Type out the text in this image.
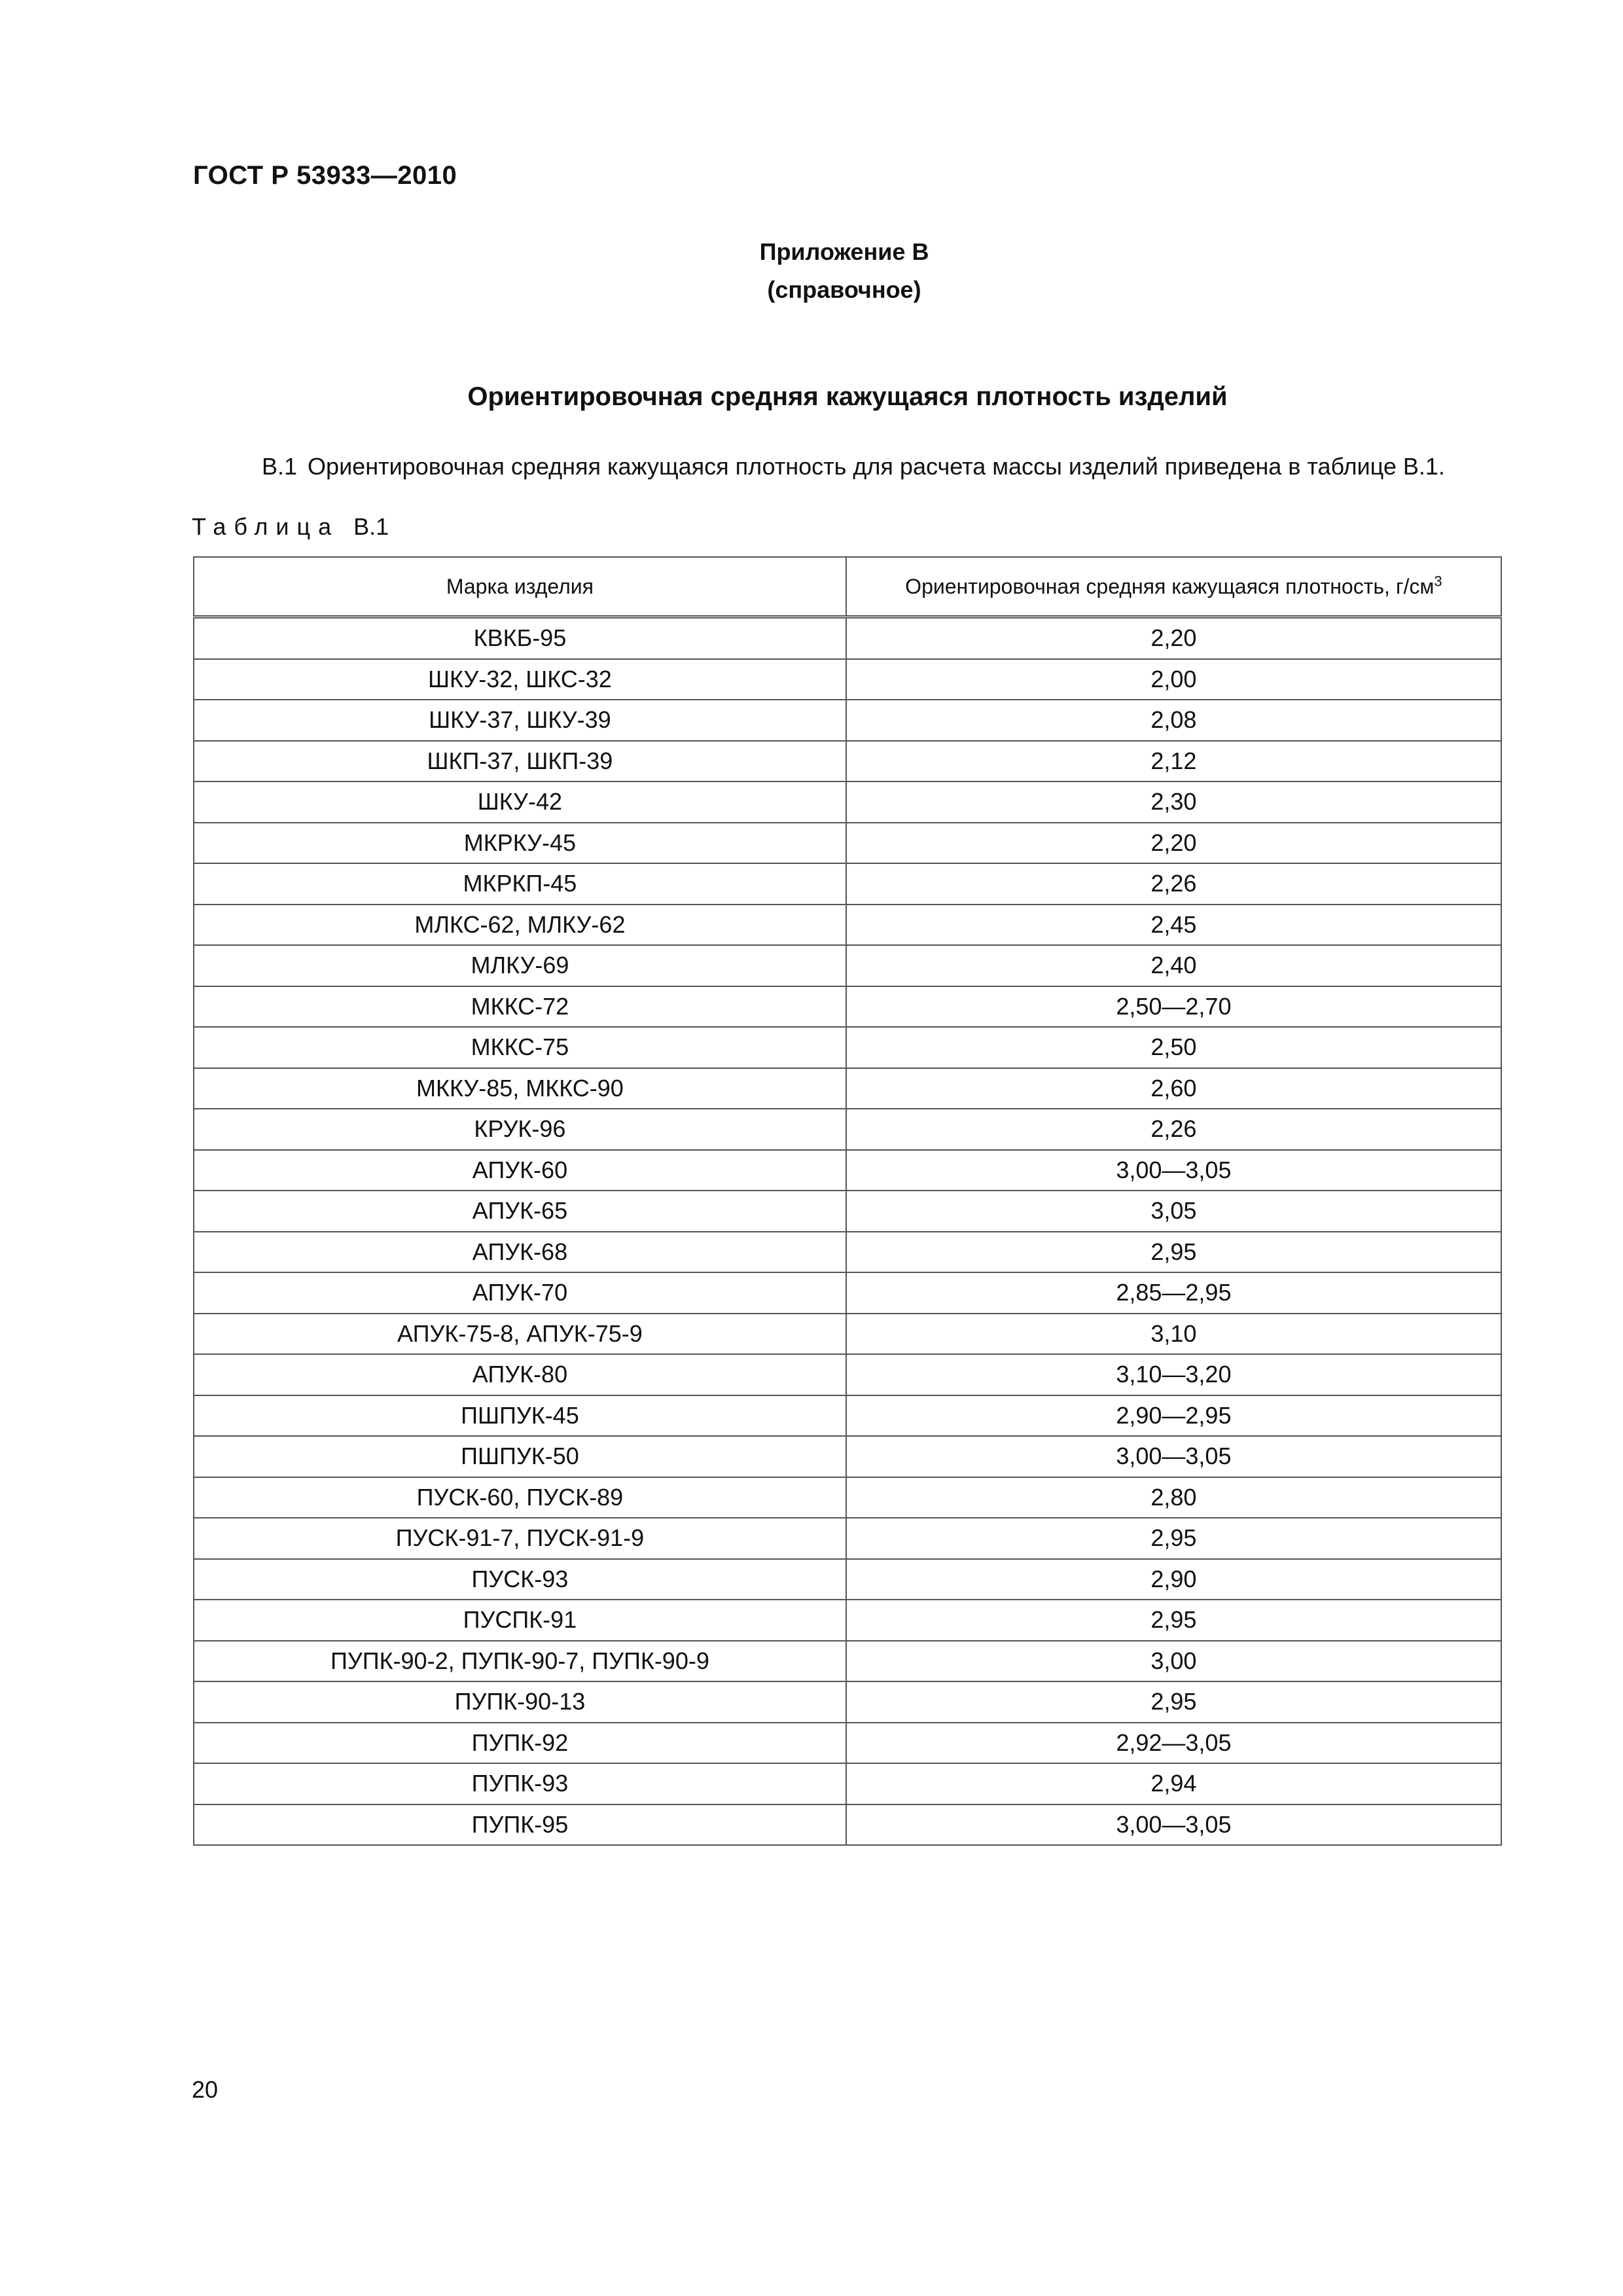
ГОСТ Р 53933—2010
Приложение В
(справочное)
Ориентировочная средняя кажущаяся плотность изделий
В.1 Ориентировочная средняя кажущаяся плотность для расчета массы изделий приведена в таблице В.1.
Таблица В.1
Марка изделия	Ориентировочная средняя кажущаяся плотность, $г/см^3$
КВКБ-95	2,20
ШКУ-32, ШКС-32	2,00
ШКУ-37, ШКУ-39	2,08
ШКП-37, ШКП-39	2,12
ШКУ-42	2,30
МКРКУ-45	2,20
МКРКП-45	2,26
МЛКС-62, МЛКУ-62	2,45
МЛКУ-69	2,40
МККС-72	2,50—2,70
МККС-75	2,50
МККУ-85, МККС-90	2,60
КРУК-96	2,26
АПУК-60	3,00—3,05
АПУК-65	3,05
АПУК-68	2,95
АПУК-70	2,85—2,95
АПУК-75-8, АПУК-75-9	3,10
АПУК-80	3,10—3,20
ПШПУК-45	2,90—2,95
ПШПУК-50	3,00—3,05
ПУСК-60, ПУСК-89	2,80
ПУСК-91-7, ПУСК-91-9	2,95
ПУСК-93	2,90
ПУСПК-91	2,95
ПУПК-90-2, ПУПК-90-7, ПУПК-90-9	3,00
ПУПК-90-13	2,95
ПУПК-92	2,92—3,05
ПУПК-93	2,94
ПУПК-95	3,00—3,05
20
